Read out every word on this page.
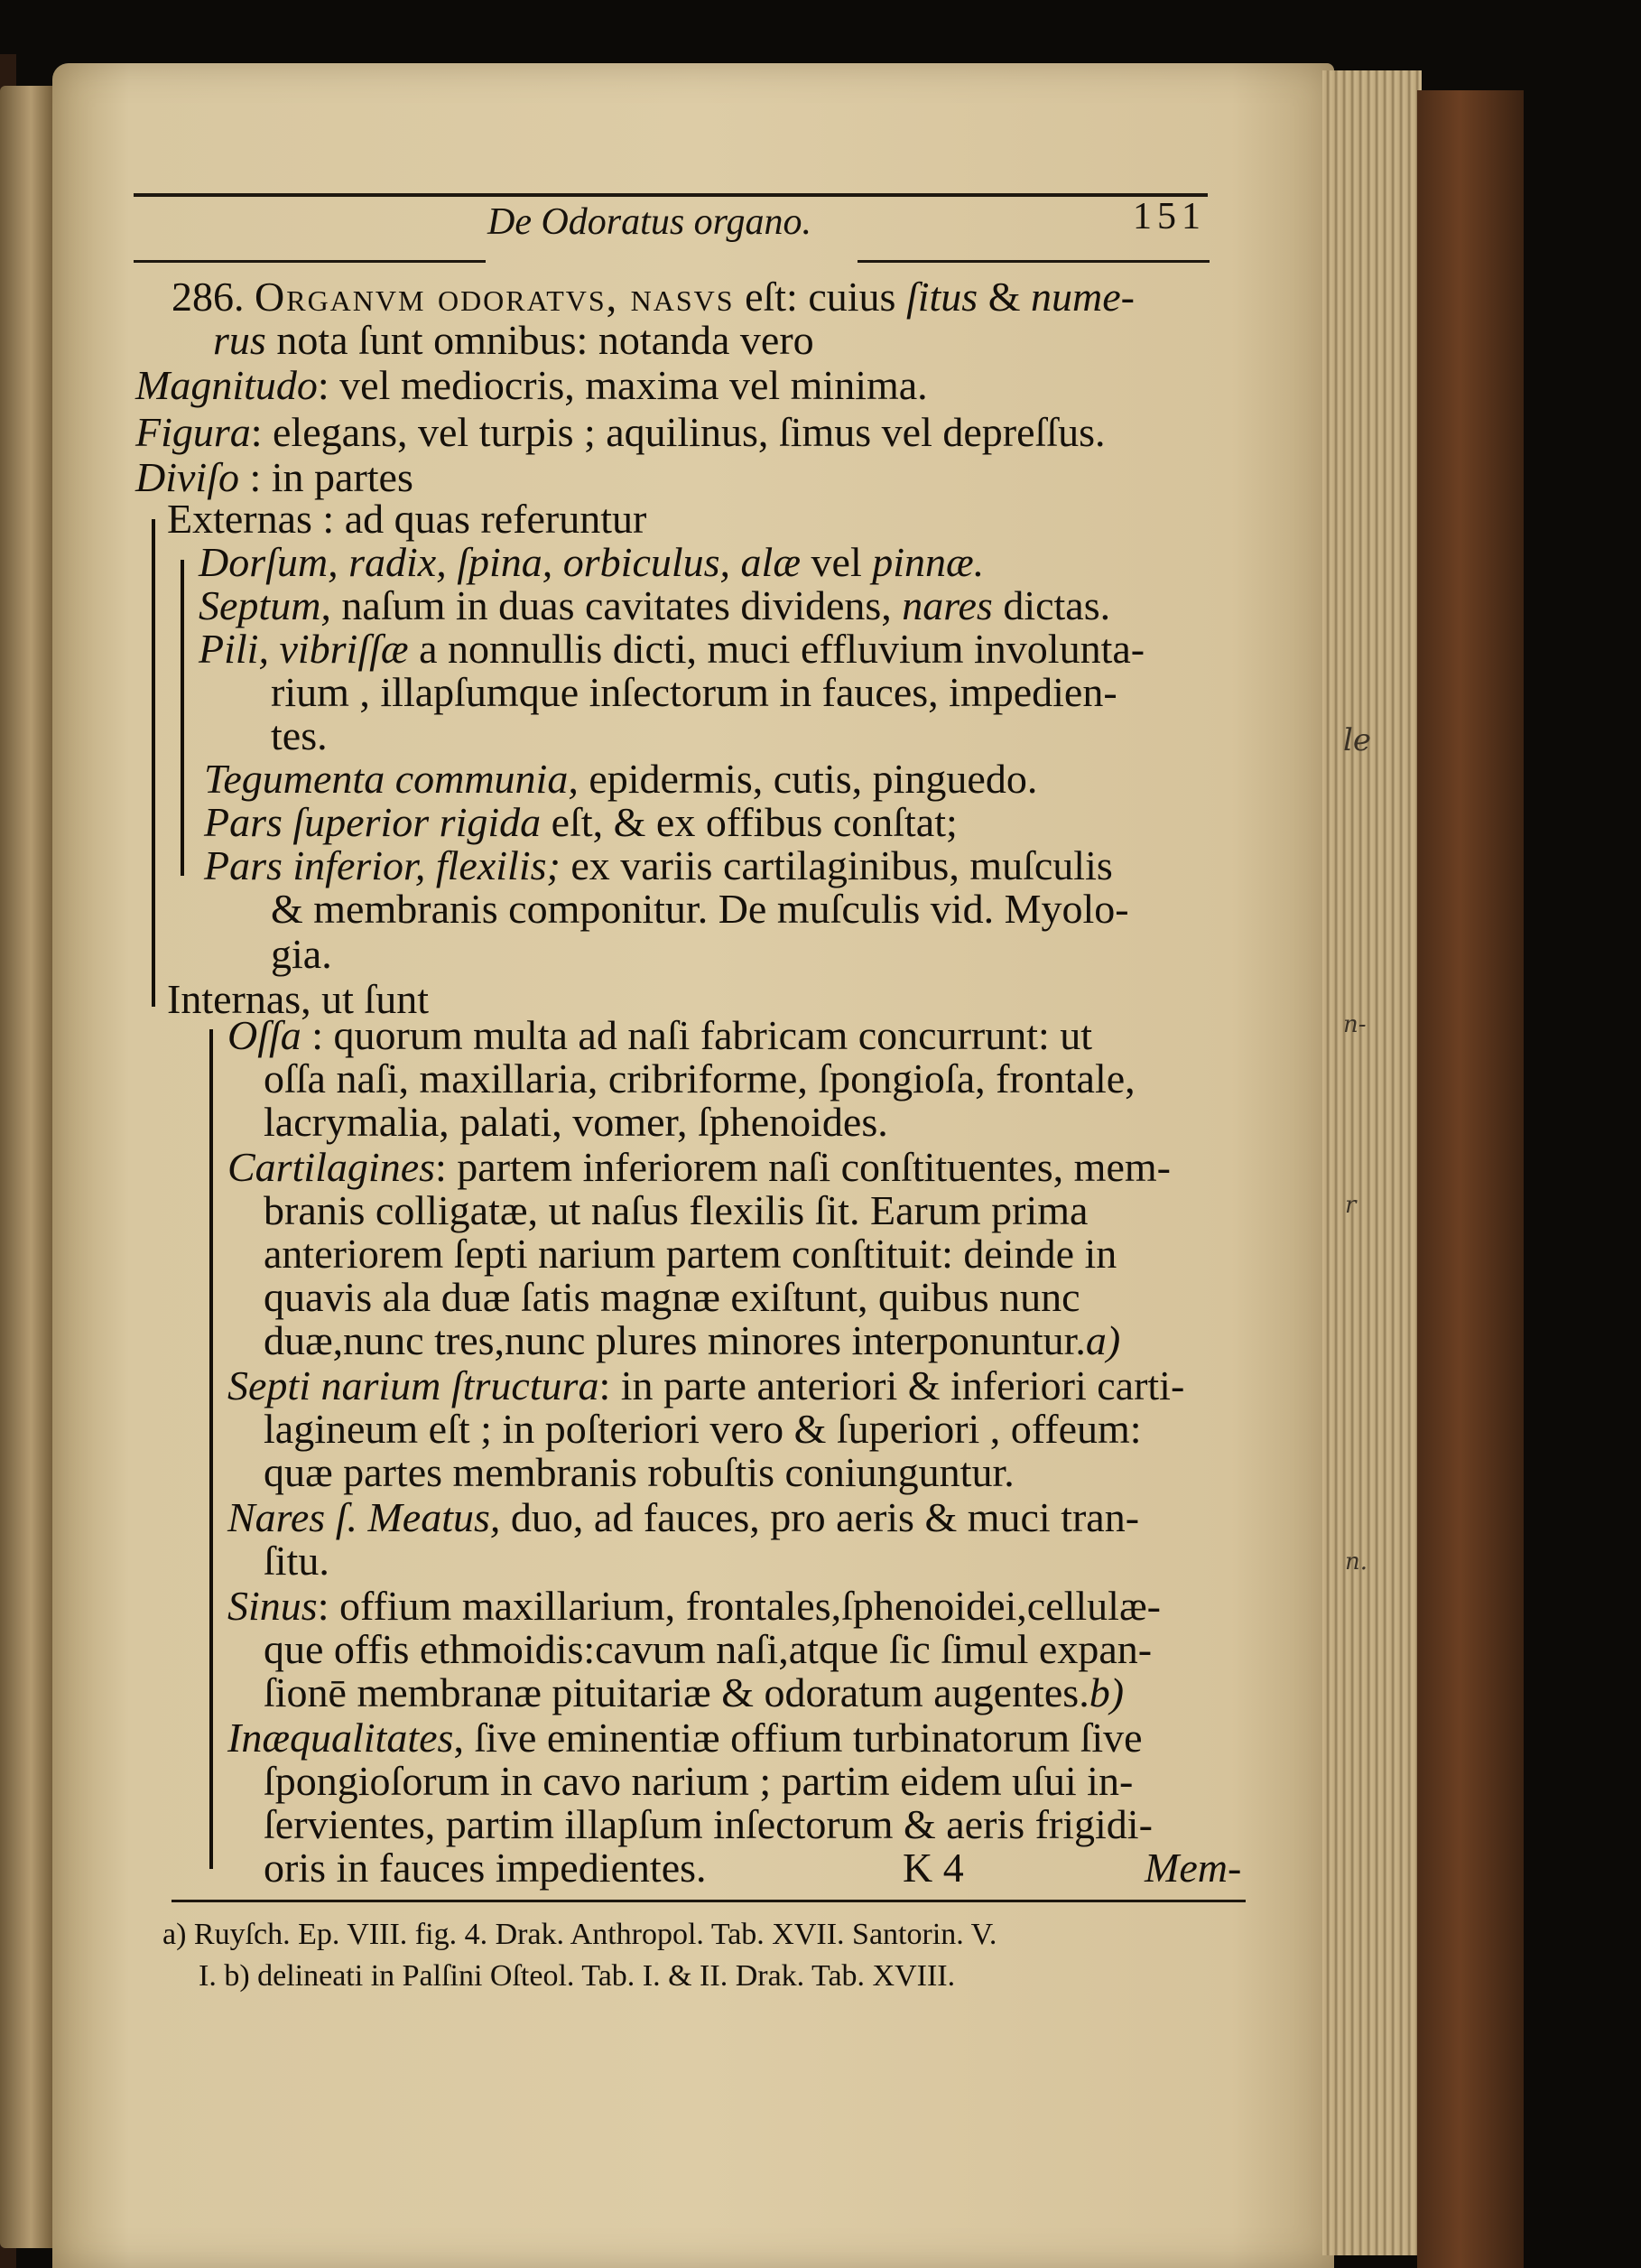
le
n-
r
n.
De Odoratus organo.	151
286. Organvm odoratvs, nasvs eſt: cuius ſitus & nume-
rus nota ſunt omnibus: notanda vero
Magnitudo: vel mediocris, maxima vel minima.
Figura: elegans, vel turpis ; aquilinus, ſimus vel depreſſus.
Diviſo : in partes
Externas : ad quas referuntur
Dorſum, radix, ſpina, orbiculus, alæ vel pinnæ.
Septum, naſum in duas cavitates dividens, nares dictas.
Pili, vibriſſæ a nonnullis dicti, muci effluvium involunta-
rium , illapſumque inſectorum in fauces, impedien-
tes.
Tegumenta communia, epidermis, cutis, pinguedo.
Pars ſuperior rigida eſt, & ex offibus conſtat;
Pars inferior, flexilis; ex variis cartilaginibus, muſculis
& membranis componitur. De muſculis vid. Myolo-
gia.
Internas, ut ſunt
Oſſa : quorum multa ad naſi fabricam concurrunt: ut
oſſa naſi, maxillaria, cribriforme, ſpongioſa, frontale,
lacrymalia, palati, vomer, ſphenoides.
Cartilagines: partem inferiorem naſi conſtituentes, mem-
branis colligatæ, ut naſus flexilis ſit. Earum prima
anteriorem ſepti narium partem conſtituit: deinde in
quavis ala duæ ſatis magnæ exiſtunt, quibus nunc
duæ,nunc tres,nunc plures minores interponuntur.a)
Septi narium ſtructura: in parte anteriori & inferiori carti-
lagineum eſt ; in poſteriori vero & ſuperiori , offeum:
quæ partes membranis robuſtis coniunguntur.
Nares ſ. Meatus, duo, ad fauces, pro aeris & muci tran-
ſitu.
Sinus: offium maxillarium, frontales,ſphenoidei,cellulæ-
que offis ethmoidis:cavum naſi,atque ſic ſimul expan-
ſionē membranæ pituitariæ & odoratum augentes.b)
Inæqualitates, ſive eminentiæ offium turbinatorum ſive
ſpongioſorum in cavo narium ; partim eidem uſui in-
ſervientes, partim illapſum inſectorum & aeris frigidi-
oris in fauces impedientes.	K 4	Mem-
a) Ruyſch. Ep. VIII. fig. 4. Drak. Anthropol. Tab. XVII. Santorin. V.
I. b) delineati in Palſini Oſteol. Tab. I. & II. Drak. Tab. XVIII.
